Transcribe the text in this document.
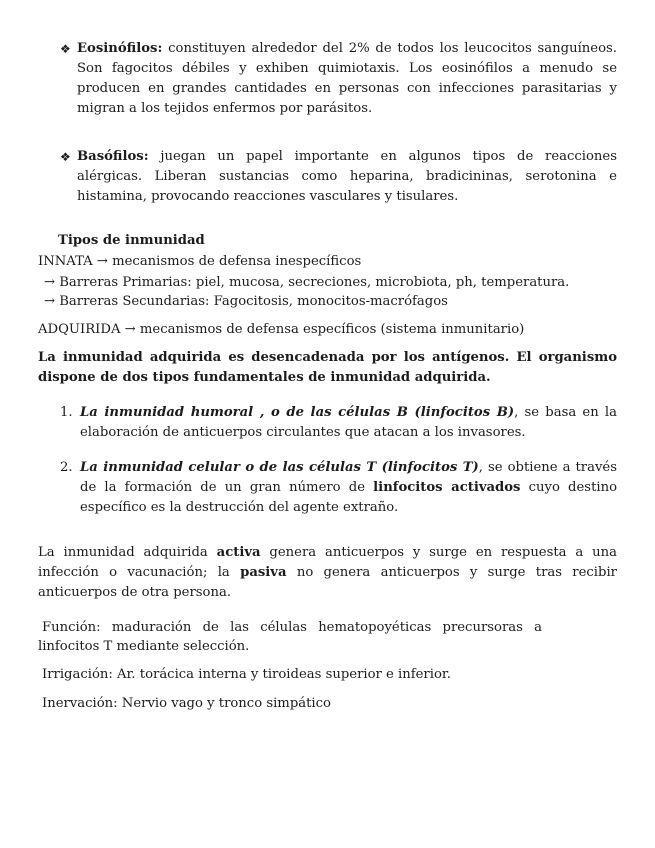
❖ Eosinófilos: constituyen alrededor del 2% de todos los leucocitos sanguíneos. Son fagocitos débiles y exhiben quimiotaxis. Los eosinófilos a menudo se producen en grandes cantidades en personas con infecciones parasitarias y migran a los tejidos enfermos por parásitos.
❖ Basófilos: juegan un papel importante en algunos tipos de reacciones alérgicas. Liberan sustancias como heparina, bradicininas, serotonina e histamina, provocando reacciones vasculares y tisulares.
Tipos de inmunidad
INNATA → mecanismos de defensa inespecíficos
→ Barreras Primarias: piel, mucosa, secreciones, microbiota, ph, temperatura.
→ Barreras Secundarias: Fagocitosis, monocitos-macrófagos
ADQUIRIDA → mecanismos de defensa específicos (sistema inmunitario)
La inmunidad adquirida es desencadenada por los antígenos. El organismo dispone de dos tipos fundamentales de inmunidad adquirida.
1. La inmunidad humoral , o de las células B (linfocitos B), se basa en la elaboración de anticuerpos circulantes que atacan a los invasores.
2. La inmunidad celular o de las células T (linfocitos T), se obtiene a través de la formación de un gran número de linfocitos activados cuyo destino específico es la destrucción del agente extraño.
La inmunidad adquirida activa genera anticuerpos y surge en respuesta a una infección o vacunación; la pasiva no genera anticuerpos y surge tras recibir anticuerpos de otra persona.
Función: maduración de las células hematopoyéticas precursoras a
linfocitos T mediante selección.
Irrigación: Ar. torácica interna y tiroideas superior e inferior.
Inervación: Nervio vago y tronco simpático
